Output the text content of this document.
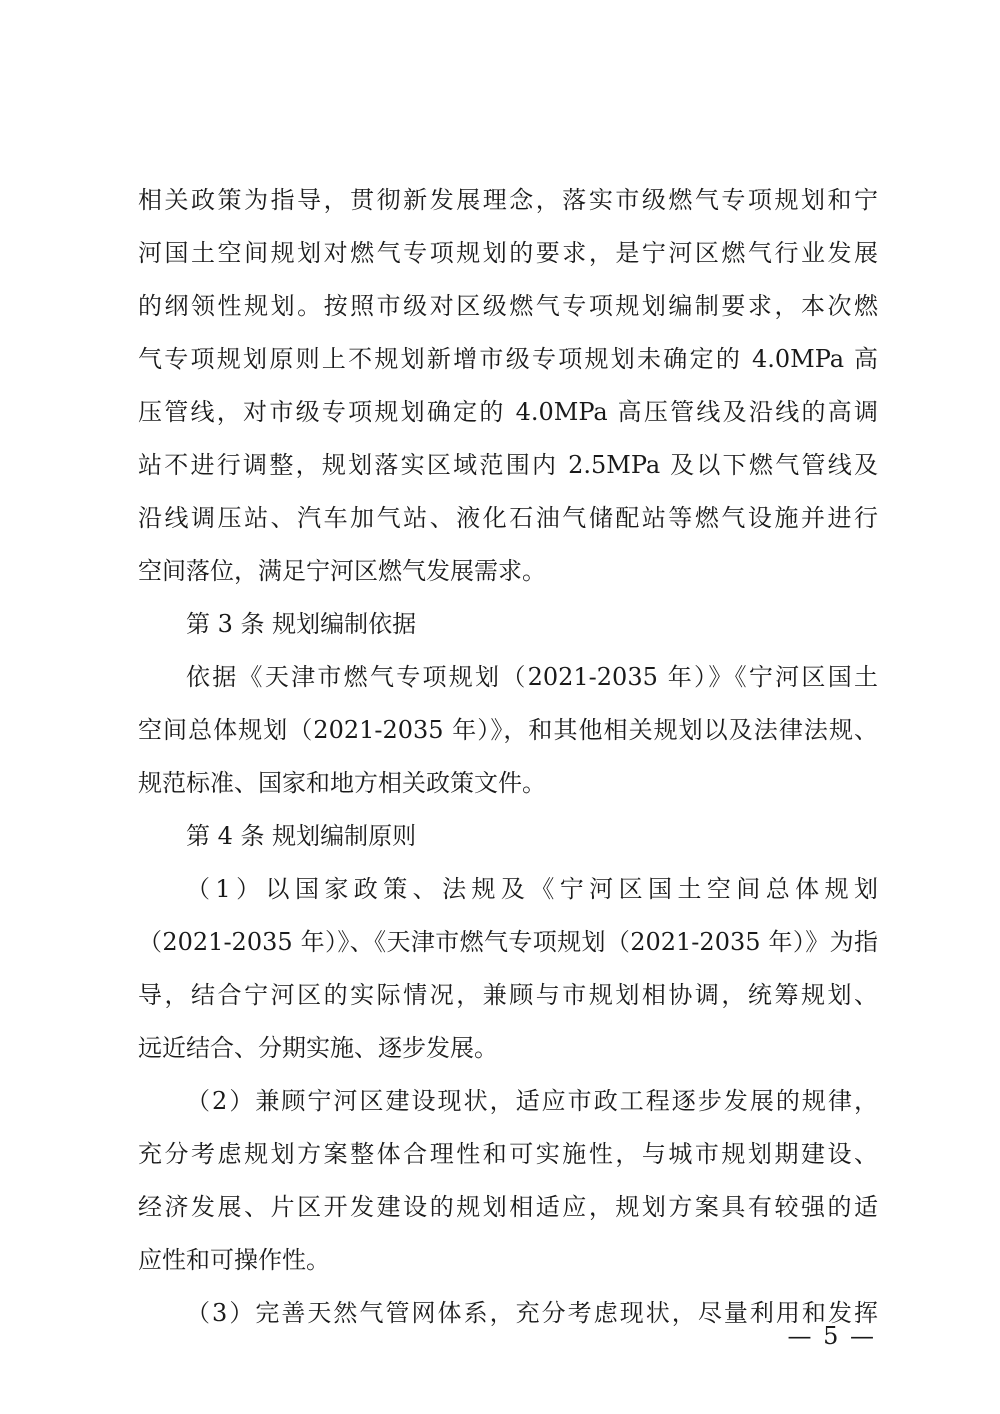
相关政策为指导，贯彻新发展理念，落实市级燃气专项规划和宁
河国土空间规划对燃气专项规划的要求，是宁河区燃气行业发展
的纲领性规划。按照市级对区级燃气专项规划编制要求，本次燃
气专项规划原则上不规划新增市级专项规划未确定的 4.0MPa 高
压管线，对市级专项规划确定的 4.0MPa 高压管线及沿线的高调
站不进行调整，规划落实区域范围内 2.5MPa 及以下燃气管线及
沿线调压站、汽车加气站、液化石油气储配站等燃气设施并进行
空间落位，满足宁河区燃气发展需求。
第 3 条 规划编制依据
依据《天津市燃气专项规划（2021-2035 年）》《宁河区国土
空间总体规划（2021-2035 年）》，和其他相关规划以及法律法规、
规范标准、国家和地方相关政策文件。
第 4 条 规划编制原则
（1）以国家政策、法规及《宁河区国土空间总体规划
（2021-2035 年）》、《天津市燃气专项规划（2021-2035 年）》为指
导，结合宁河区的实际情况，兼顾与市规划相协调，统筹规划、
远近结合、分期实施、逐步发展。
（2）兼顾宁河区建设现状，适应市政工程逐步发展的规律，
充分考虑规划方案整体合理性和可实施性，与城市规划期建设、
经济发展、片区开发建设的规划相适应，规划方案具有较强的适
应性和可操作性。
（3）完善天然气管网体系，充分考虑现状，尽量利用和发挥
— 5 —
